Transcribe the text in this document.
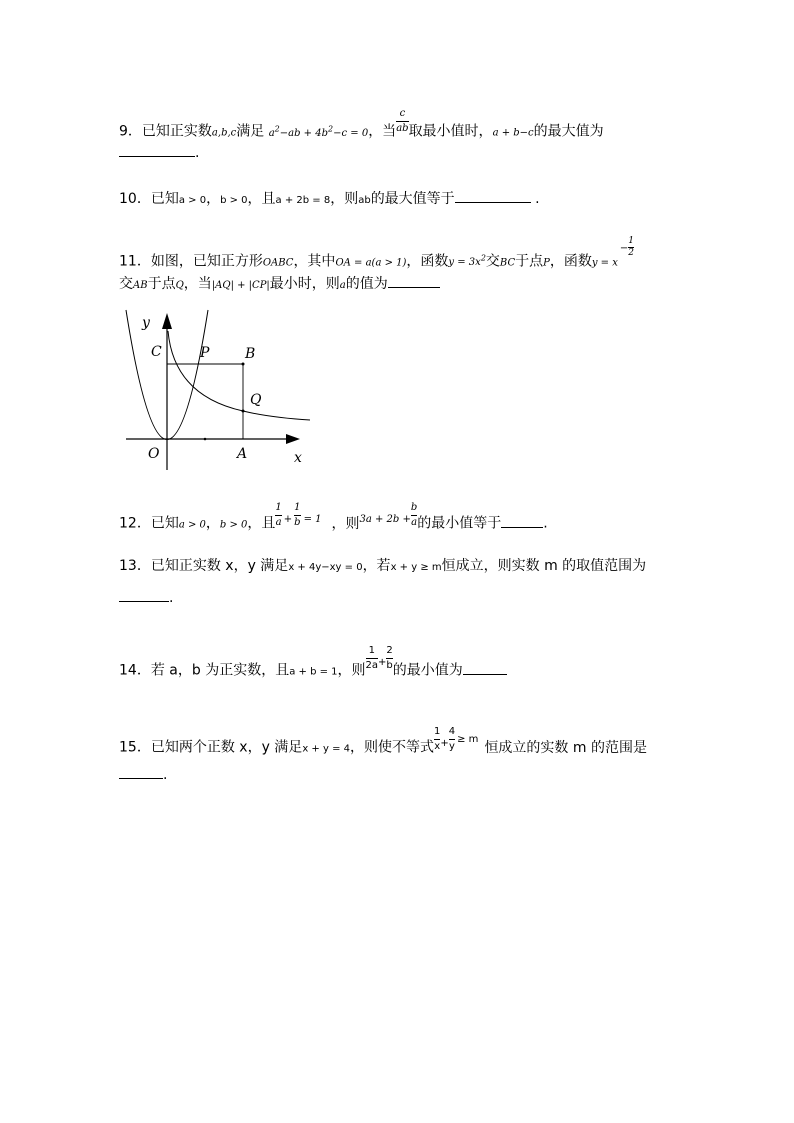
9．已知正实数a,b,c满足 $a^2-ab + 4b^2-c = 0$，当 $\frac{c}{ab}$ 取最小值时，a + b−c的最大值为
.
10．已知a > 0，b > 0，且a + 2b = 8，则ab的最大值等于	.
11．如图，已知正方形OABC，其中OA = a(a > 1)，函数$y = 3x^2$交BC于点P，函数$y = x^- \frac{1}{2}$
交AB于点Q，当|AQ| + |CP|最小时，则a的值为
y
C	P	B
Q
O	A	x
12．已知a > 0，b > 0，且 $\frac{1}{a} ^+ \frac{1}{b} ^{= 1}$ ，则$^{3a + 2b +} \frac{b}{a}$ 的最小值等于	.
13．已知正实数 x，y 满足x + 4y−xy = 0，若x + y ≥ m恒成立，则实数 m 的取值范围为
.
14．若 a，b 为正实数，且a + b = 1，则 $\frac{1}{2a} ^+ \frac{2}{b}$ 的最小值为
15．已知两个正数 x，y 满足x + y = 4，则使不等式 $\frac{1}{x} ^+ \frac{4}{y} ^{\ge m}$恒成立的实数 m 的范围是
.
